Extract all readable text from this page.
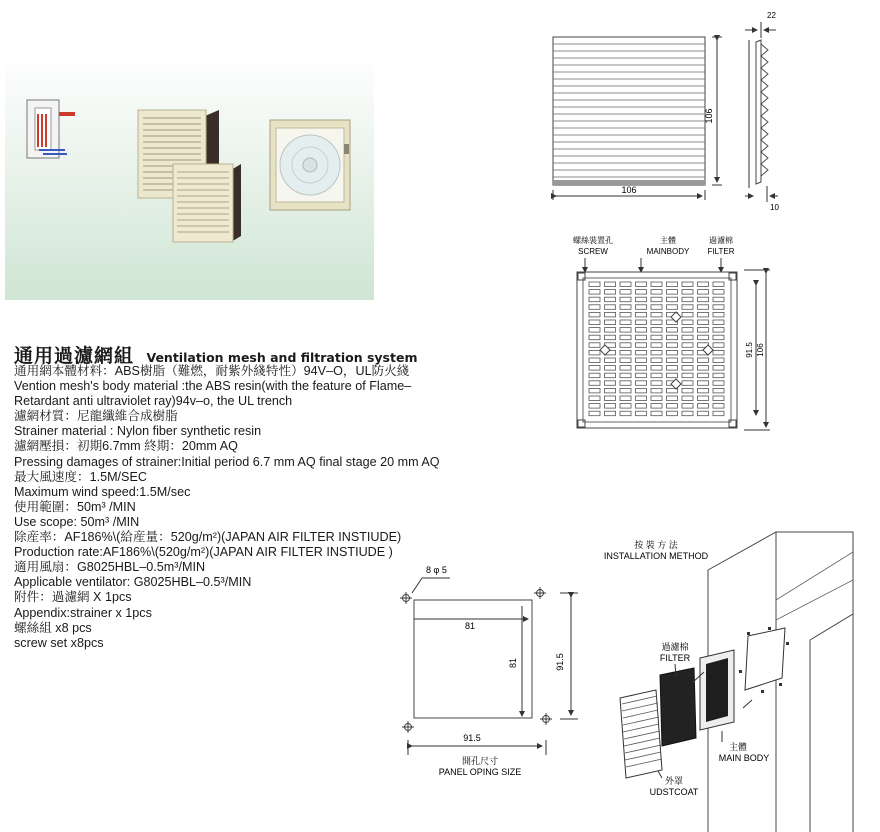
通用過濾網組 Ventilation mesh and filtration system
通用網本體材料：ABS樹脂（難燃，耐紫外綫特性）94V–O，UL防火綫
Vention mesh's body material :the ABS resin(with the feature of Flame–
Retardant anti ultraviolet ray)94v–o, the UL trench
濾網材質：尼龍纖維合成樹脂
Strainer material : Nylon fiber synthetic resin
濾網壓損：初期6.7mm 終期：20mm AQ
Pressing damages of strainer:Initial period 6.7 mm AQ final stage 20 mm AQ
最大風速度：1.5M/SEC
Maximum wind speed:1.5M/sec
使用範圍：50m³ /MIN
Use scope: 50m³ /MIN
除産率：AF186%\(給産量：520g/m²)(JAPAN AIR FILTER INSTIUDE)
Production rate:AF186%\(520g/m²)(JAPAN AIR FILTER INSTIUDE )
適用風扇：G8025HBL–0.5m³/MIN
Applicable ventilator: G8025HBL–0.5³/MIN
附件：過濾網 X 1pcs
Appendix:strainer x 1pcs
螺絲組 x8 pcs
screw set x8pcs
106
106
22
10
螺絲裝置孔
SCREW
主體
MAINBODY
過濾棉
FILTER
91.5 106
8 φ 5
81
81
91.5
91.5
開孔尺寸
PANEL OPING SIZE
按 裝 方 法
INSTALLATION METHOD
過濾棉
FILTER
主體
MAIN BODY
外罩
UDSTCOAT
